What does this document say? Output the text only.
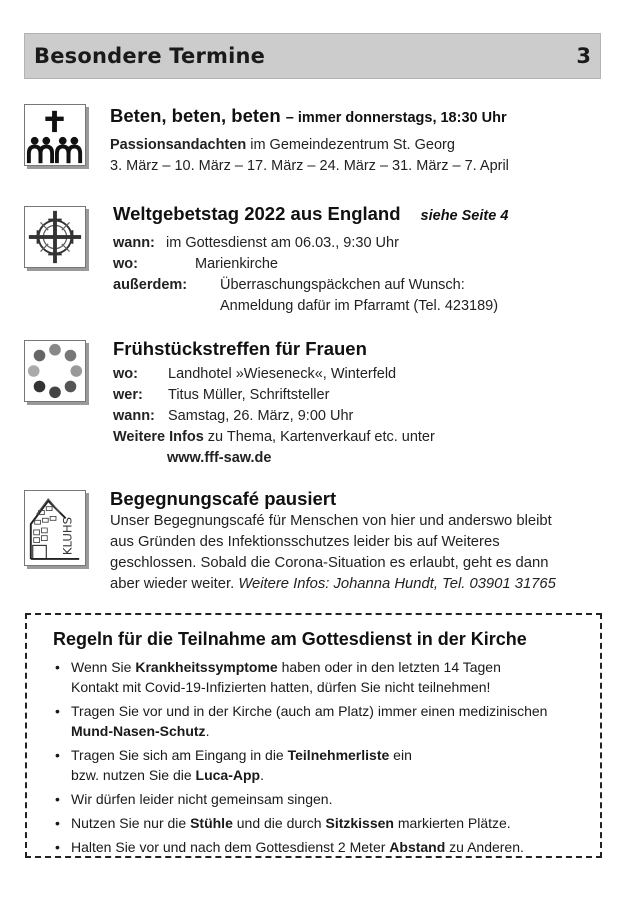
Besondere Termine	3
Beten, beten, beten – immer donnerstags, 18:30 Uhr
Passionsandachten im Gemeindezentrum St. Georg
3. März – 10. März – 17. März – 24. März – 31. März – 7. April
Weltgebetstag 2022 aus England siehe Seite 4
wann: im Gottesdienst am 06.03., 9:30 Uhr
wo:	Marienkirche
außerdem: Überraschungspäckchen auf Wunsch:
Anmeldung dafür im Pfarramt (Tel. 423189)
Frühstückstreffen für Frauen
wo: Landhotel »Wieseneck«, Winterfeld
wer: Titus Müller, Schriftsteller
wann: Samstag, 26. März, 9:00 Uhr
Weitere Infos zu Thema, Kartenverkauf etc. unter
www.fff-saw.de
KLUHS
Begegnungscafé pausiert
Unser Begegnungscafé für Menschen von hier und anderswo bleibt
aus Gründen des Infektionsschutzes leider bis auf Weiteres
geschlossen. Sobald die Corona-Situation es erlaubt, geht es dann
aber wieder weiter. Weitere Infos: Johanna Hundt, Tel. 03901 31765
Regeln für die Teilnahme am Gottesdienst in der Kirche
• Wenn Sie Krankheitssymptome haben oder in den letzten 14 Tagen
Kontakt mit Covid-19-Infizierten hatten, dürfen Sie nicht teilnehmen!
• Tragen Sie vor und in der Kirche (auch am Platz) immer einen medizinischen
Mund-Nasen-Schutz.
• Tragen Sie sich am Eingang in die Teilnehmerliste ein
bzw. nutzen Sie die Luca-App.
• Wir dürfen leider nicht gemeinsam singen.
• Nutzen Sie nur die Stühle und die durch Sitzkissen markierten Plätze.
• Halten Sie vor und nach dem Gottesdienst 2 Meter Abstand zu Anderen.
